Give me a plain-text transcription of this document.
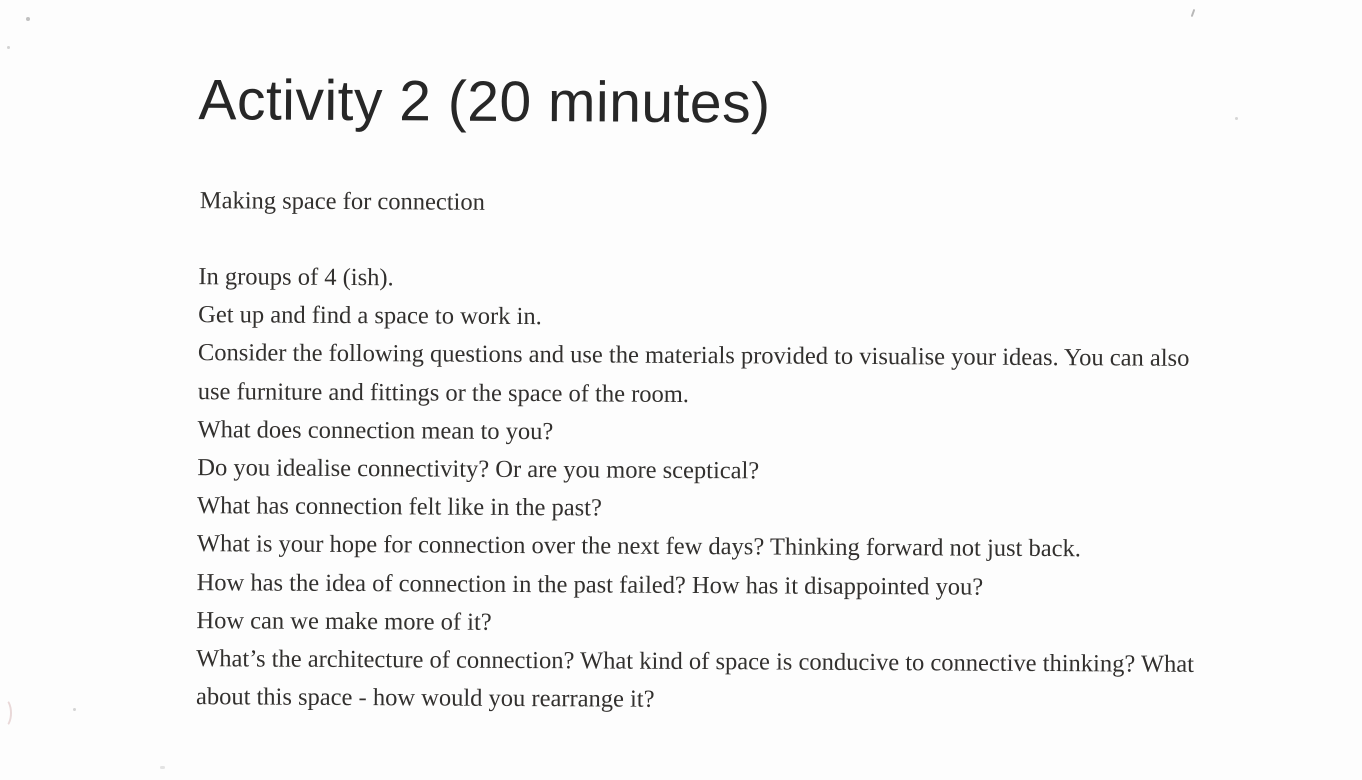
Activity 2 (20 minutes)
Making space for connection
In groups of 4 (ish).
Get up and find a space to work in.
Consider the following questions and use the materials provided to visualise your ideas. You can also
use furniture and fittings or the space of the room.
What does connection mean to you?
Do you idealise connectivity? Or are you more sceptical?
What has connection felt like in the past?
What is your hope for connection over the next few days? Thinking forward not just back.
How has the idea of connection in the past failed? How has it disappointed you?
How can we make more of it?
What’s the architecture of connection? What kind of space is conducive to connective thinking? What
about this space - how would you rearrange it?
